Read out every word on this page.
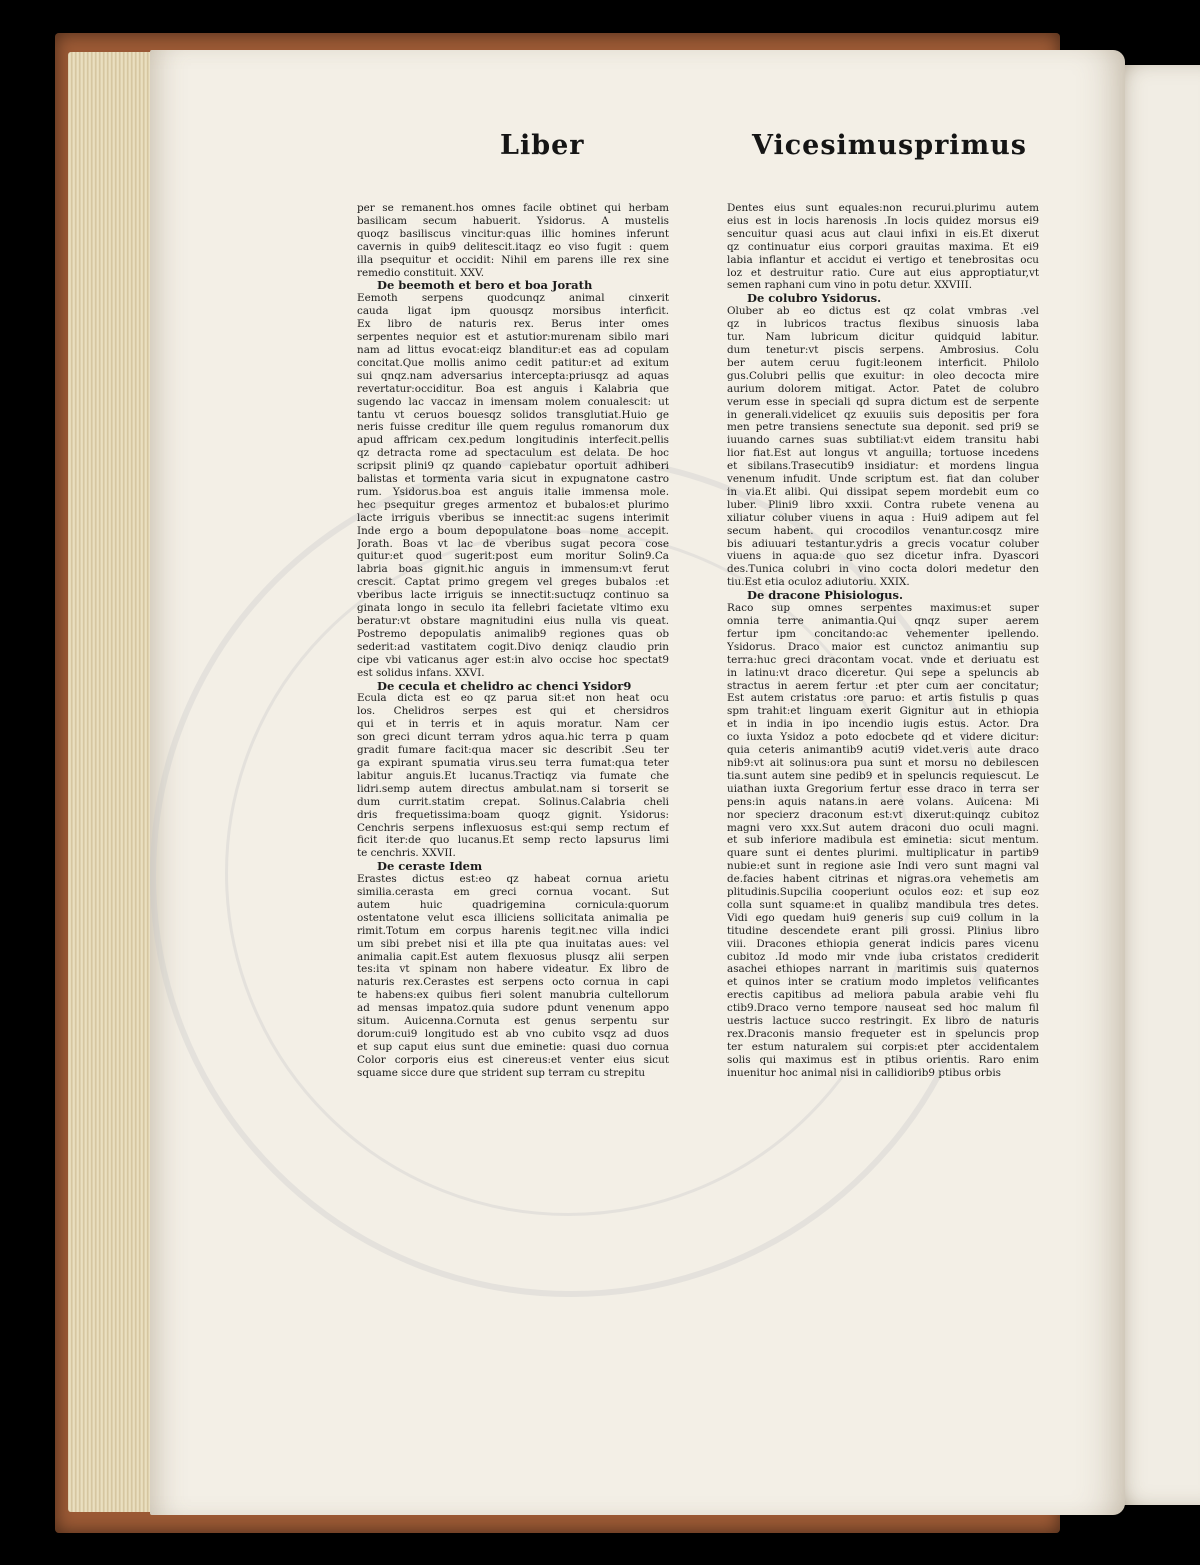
Liber	Vicesimusprimus

per se remanent.hos omnes facile obtinet qui herbam

basilicam secum habuerit. Ysidorus. A mustelis

quoqz basiliscus vincitur:quas illic homines inferunt

cavernis in quib9 delitescit.itaqz eo viso fugit : quem

illa psequitur et occidit: Nihil em parens ille rex sine

remedio constituit. XXV.

De beemoth et bero et boa Jorath

Eemoth serpens quodcunqz animal cinxerit

cauda ligat ipm quousqz morsibus interficit.

Ex libro de naturis rex. Berus inter omes

serpentes nequior est et astutior:murenam sibilo mari

nam ad littus evocat:eiqz blanditur:et eas ad copulam

concitat.Que mollis animo cedit patitur:et ad exitum

sui qnqz.nam adversarius intercepta:priusqz ad aquas

revertatur:occiditur. Boa est anguis i Kalabria que

sugendo lac vaccaz in imensam molem conualescit: ut

tantu vt ceruos bouesqz solidos transglutiat.Huio ge

neris fuisse creditur ille quem regulus romanorum dux

apud affricam cex.pedum longitudinis interfecit.pellis

qz detracta rome ad spectaculum est delata. De hoc

scripsit plini9 qz quando capiebatur oportuit adhiberi

balistas et tormenta varia sicut in expugnatone castro

rum. Ysidorus.boa est anguis italie immensa mole.

hec psequitur greges armentoz et bubalos:et plurimo

lacte irriguis vberibus se innectit:ac sugens interimit

Inde ergo a boum depopulatone boas nome accepit.

Jorath. Boas vt lac de vberibus sugat pecora cose

quitur:et quod sugerit:post eum moritur Solin9.Ca

labria boas gignit.hic anguis in immensum:vt ferut

crescit. Captat primo gregem vel greges bubalos :et

vberibus lacte irriguis se innectit:suctuqz continuo sa

ginata longo in seculo ita fellebri facietate vltimo exu

beratur:vt obstare magnitudini eius nulla vis queat.

Postremo depopulatis animalib9 regiones quas ob

sederit:ad vastitatem cogit.Divo deniqz claudio prin

cipe vbi vaticanus ager est:in alvo occise hoc spectat9

est solidus infans. XXVI.

De cecula et chelidro ac chenci Ysidor9

Ecula dicta est eo qz parua sit:et non heat ocu

los. Chelidros serpes est qui et chersidros

qui et in terris et in aquis moratur. Nam cer

son greci dicunt terram ydros aqua.hic terra p quam

gradit fumare facit:qua macer sic describit .Seu ter

ga expirant spumatia virus.seu terra fumat:qua teter

labitur anguis.Et lucanus.Tractiqz via fumate che

lidri.semp autem directus ambulat.nam si torserit se

dum currit.statim crepat. Solinus.Calabria cheli

dris frequetissima:boam quoqz gignit. Ysidorus:

Cenchris serpens inflexuosus est:qui semp rectum ef

ficit iter:de quo lucanus.Et semp recto lapsurus limi

te cenchris. XXVII.

De ceraste Idem

Erastes dictus est:eo qz habeat cornua arietu

similia.cerasta em greci cornua vocant. Sut

autem huic quadrigemina cornicula:quorum

ostentatone velut esca illiciens sollicitata animalia pe

rimit.Totum em corpus harenis tegit.nec villa indici

um sibi prebet nisi et illa pte qua inuitatas aues: vel

animalia capit.Est autem flexuosus plusqz alii serpen

tes:ita vt spinam non habere videatur. Ex libro de

naturis rex.Cerastes est serpens octo cornua in capi

te habens:ex quibus fieri solent manubria cultellorum

ad mensas impatoz.quia sudore pdunt venenum appo

situm. Auicenna.Cornuta est genus serpentu sur

dorum:cui9 longitudo est ab vno cubito vsqz ad duos

et sup caput eius sunt due eminetie: quasi duo cornua

Color corporis eius est cinereus:et venter eius sicut

squame sicce dure que strident sup terram cu strepitu

Dentes eius sunt equales:non recurui.plurimu autem

eius est in locis harenosis .In locis quidez morsus ei9

sencuitur quasi acus aut claui infixi in eis.Et dixerut

qz continuatur eius corpori grauitas maxima. Et ei9

labia inflantur et accidut ei vertigo et tenebrositas ocu

loz et destruitur ratio. Cure aut eius approptiatur,vt

semen raphani cum vino in potu detur. XXVIII.

De colubro Ysidorus.

Oluber ab eo dictus est qz colat vmbras .vel

qz in lubricos tractus flexibus sinuosis laba

tur. Nam lubricum dicitur quidquid labitur.

dum tenetur:vt piscis serpens. Ambrosius. Colu

ber autem ceruu fugit:leonem interficit. Philolo

gus.Colubri pellis que exuitur: in oleo decocta mire

aurium dolorem mitigat. Actor. Patet de colubro

verum esse in speciali qd supra dictum est de serpente

in generali.videlicet qz exuuiis suis depositis per fora

men petre transiens senectute sua deponit. sed pri9 se

iuuando carnes suas subtiliat:vt eidem transitu habi

lior fiat.Est aut longus vt anguilla; tortuose incedens

et sibilans.Trasecutib9 insidiatur: et mordens lingua

venenum infudit. Unde scriptum est. fiat dan coluber

in via.Et alibi. Qui dissipat sepem mordebit eum co

luber. Plini9 libro xxxii. Contra rubete venena au

xiliatur coluber viuens in aqua : Hui9 adipem aut fel

secum habent. qui crocodilos venantur.cosqz mire

bis adiuuari testantur.ydris a grecis vocatur coluber

viuens in aqua:de quo sez dicetur infra. Dyascori

des.Tunica colubri in vino cocta dolori medetur den

tiu.Est etia oculoz adiutoriu. XXIX.

De dracone Phisiologus.

Raco sup omnes serpentes maximus:et super

omnia terre animantia.Qui qnqz super aerem

fertur ipm concitando:ac vehementer ipellendo.

Ysidorus. Draco maior est cunctoz animantiu sup

terra:huc greci dracontam vocat. vnde et deriuatu est

in latinu:vt draco diceretur. Qui sepe a speluncis ab

stractus in aerem fertur :et pter cum aer concitatur;

Est autem cristatus :ore paruo: et artis fistulis p quas

spm trahit:et linguam exerit Gignitur aut in ethiopia

et in india in ipo incendio iugis estus. Actor. Dra

co iuxta Ysidoz a poto edocbete qd et videre dicitur:

quia ceteris animantib9 acuti9 videt.veris aute draco

nib9:vt ait solinus:ora pua sunt et morsu no debilescen

tia.sunt autem sine pedib9 et in speluncis requiescut. Le

uiathan iuxta Gregorium fertur esse draco in terra ser

pens:in aquis natans.in aere volans. Auicena: Mi

nor specierz draconum est:vt dixerut:quinqz cubitoz

magni vero xxx.Sut autem draconi duo oculi magni.

et sub inferiore madibula est eminetia: sicut mentum.

quare sunt ei dentes plurimi. multiplicatur in partib9

nubie:et sunt in regione asie Indi vero sunt magni val

de.facies habent citrinas et nigras.ora vehemetis am

plitudinis.Supcilia cooperiunt oculos eoz: et sup eoz

colla sunt squame:et in qualibz mandibula tres detes.

Vidi ego quedam hui9 generis sup cui9 collum in la

titudine descendete erant pili grossi. Plinius libro

viii. Dracones ethiopia generat indicis pares vicenu

cubitoz .Id modo mir vnde iuba cristatos crediderit

asachei ethiopes narrant in maritimis suis quaternos

et quinos inter se cratium modo impletos velificantes

erectis capitibus ad meliora pabula arabie vehi flu

ctib9.Draco verno tempore nauseat sed hoc malum fil

uestris lactuce succo restringit. Ex libro de naturis

rex.Draconis mansio frequeter est in speluncis prop

ter estum naturalem sui corpis:et pter accidentalem

solis qui maximus est in ptibus orientis. Raro enim

inuenitur hoc animal nisi in callidiorib9 ptibus orbis
